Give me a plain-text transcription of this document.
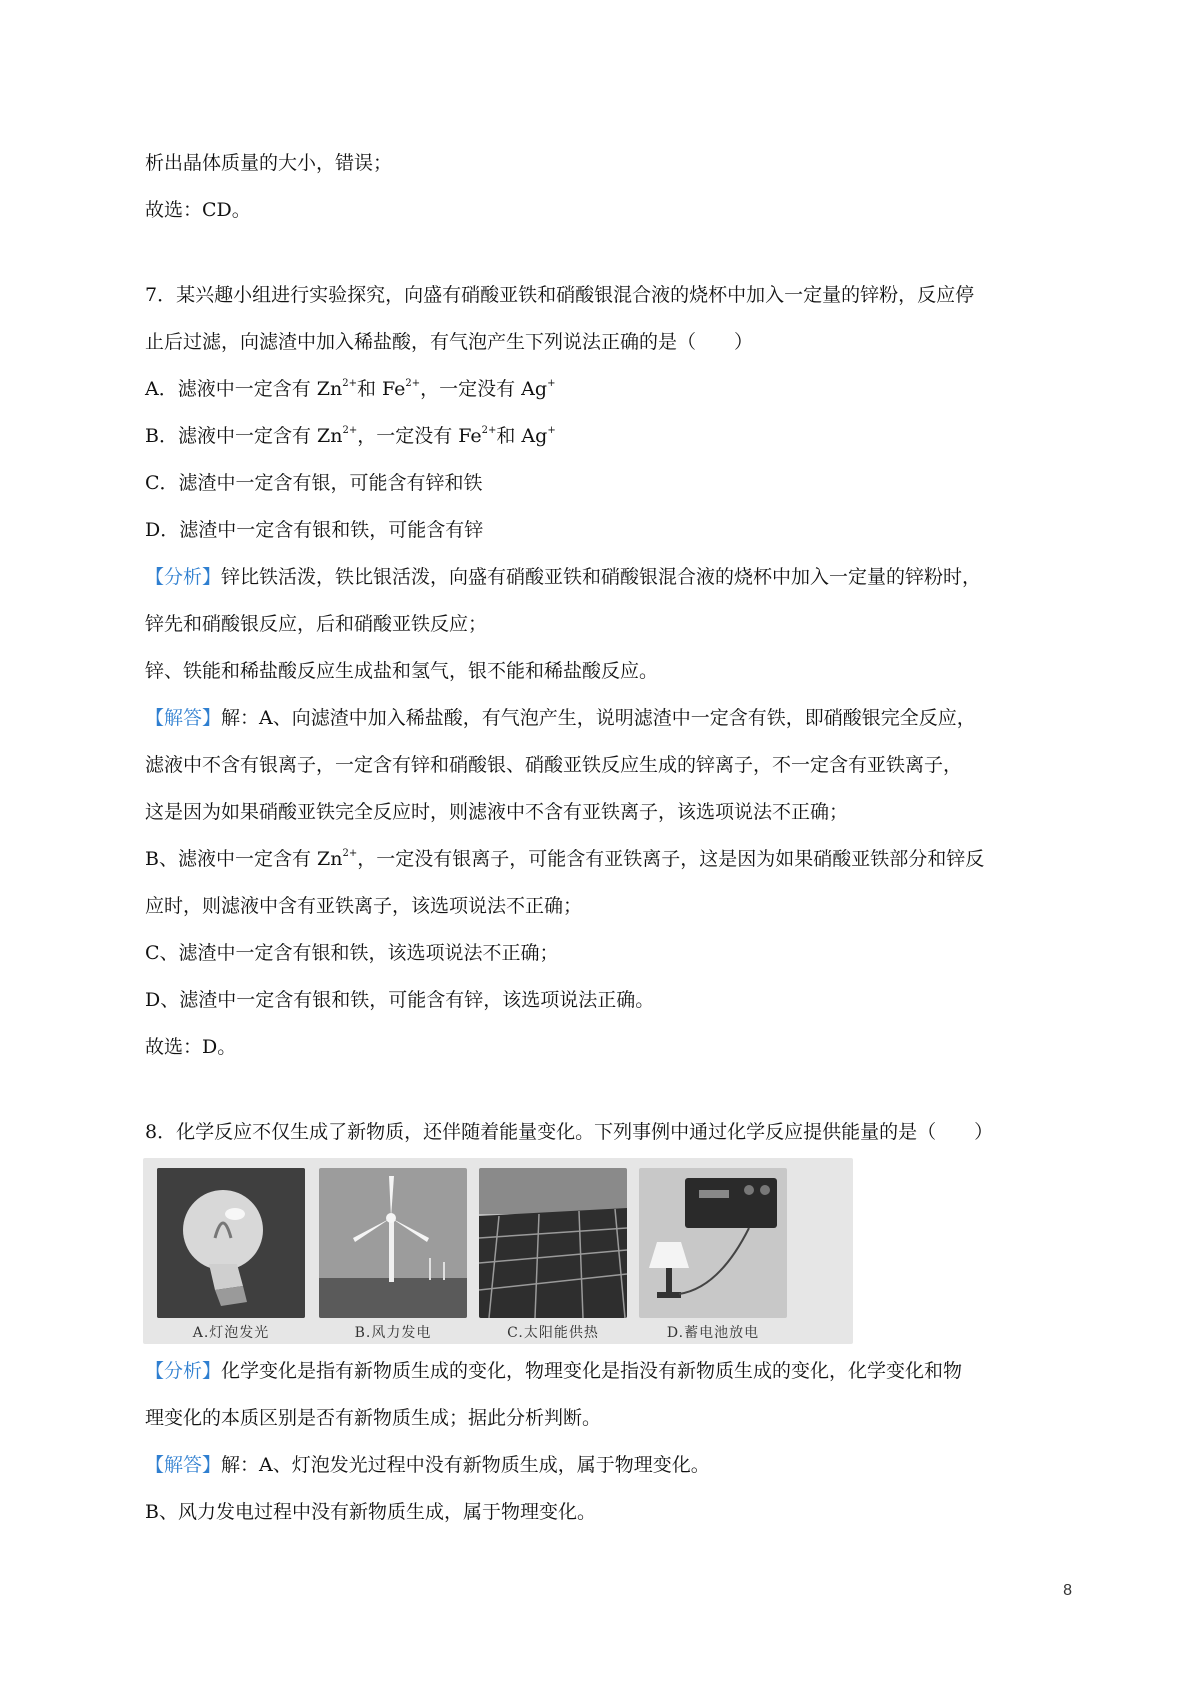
析出晶体质量的大小，错误；
故选：CD。
7．某兴趣小组进行实验探究，向盛有硝酸亚铁和硝酸银混合液的烧杯中加入一定量的锌粉，反应停
止后过滤，向滤渣中加入稀盐酸，有气泡产生下列说法正确的是（　　）
A．滤液中一定含有 $Zn^{2+}$和 $Fe^{2+}$，一定没有 Ag+
B．滤液中一定含有 $Zn^{2+}$，一定没有 $Fe^{2+}$和 Ag+
C．滤渣中一定含有银，可能含有锌和铁
D．滤渣中一定含有银和铁，可能含有锌
【分析】锌比铁活泼，铁比银活泼，向盛有硝酸亚铁和硝酸银混合液的烧杯中加入一定量的锌粉时，
锌先和硝酸银反应，后和硝酸亚铁反应；
锌、铁能和稀盐酸反应生成盐和氢气，银不能和稀盐酸反应。
【解答】解：A、向滤渣中加入稀盐酸，有气泡产生，说明滤渣中一定含有铁，即硝酸银完全反应，
滤液中不含有银离子，一定含有锌和硝酸银、硝酸亚铁反应生成的锌离子，不一定含有亚铁离子，
这是因为如果硝酸亚铁完全反应时，则滤液中不含有亚铁离子，该选项说法不正确；
B、滤液中一定含有 $Zn^{2+}$，一定没有银离子，可能含有亚铁离子，这是因为如果硝酸亚铁部分和锌反
应时，则滤液中含有亚铁离子，该选项说法不正确；
C、滤渣中一定含有银和铁，该选项说法不正确；
D、滤渣中一定含有银和铁，可能含有锌，该选项说法正确。
故选：D。
8．化学反应不仅生成了新物质，还伴随着能量变化。下列事例中通过化学反应提供能量的是（　　）
A.灯泡发光	B.风力发电	C.太阳能供热	D.蓄电池放电
【分析】化学变化是指有新物质生成的变化，物理变化是指没有新物质生成的变化，化学变化和物
理变化的本质区别是否有新物质生成；据此分析判断。
【解答】解：A、灯泡发光过程中没有新物质生成，属于物理变化。
B、风力发电过程中没有新物质生成，属于物理变化。
8
